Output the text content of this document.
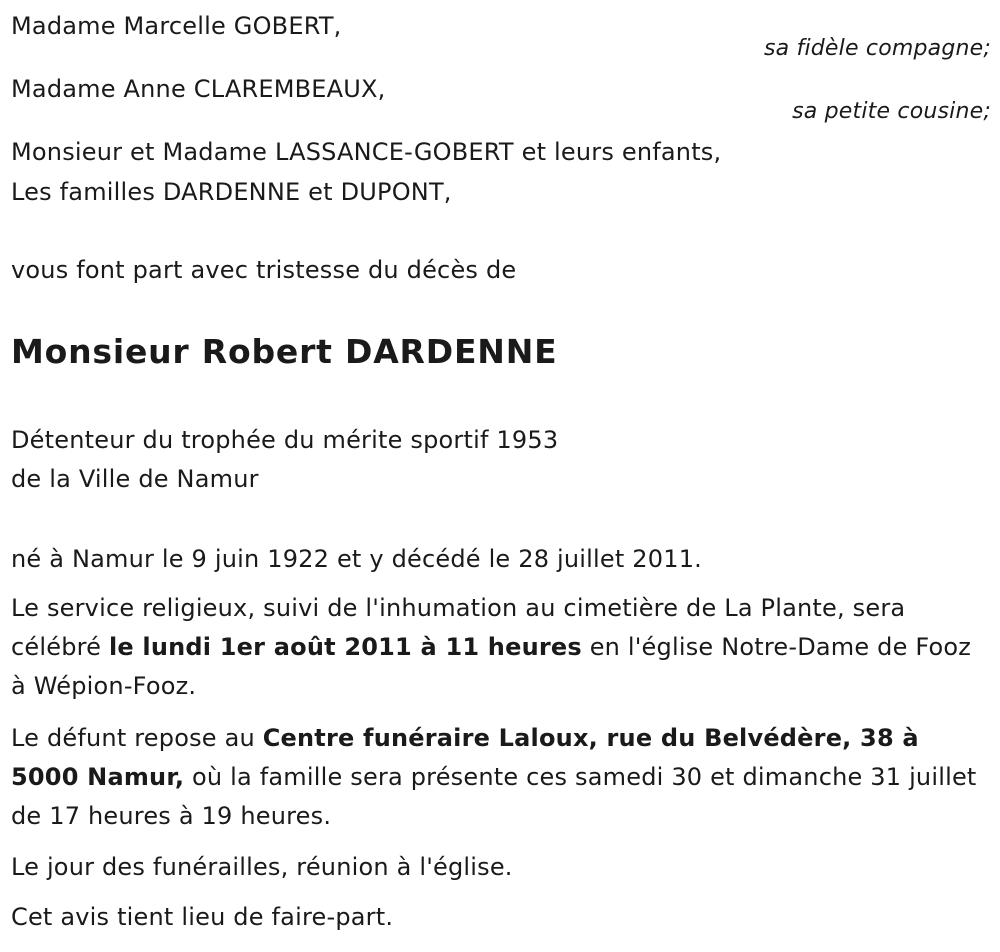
Madame Marcelle GOBERT,
sa fidèle compagne;
Madame Anne CLAREMBEAUX,
sa petite cousine;
Monsieur et Madame LASSANCE-GOBERT et leurs enfants,
Les familles DARDENNE et DUPONT,
vous font part avec tristesse du décès de
Monsieur Robert DARDENNE
Détenteur du trophée du mérite sportif 1953
de la Ville de Namur
né à Namur le 9 juin 1922 et y décédé le 28 juillet 2011.
Le service religieux, suivi de l'inhumation au cimetière de La Plante, sera célébré le lundi 1er août 2011 à 11 heures en l'église Notre-Dame de Fooz à Wépion-Fooz.
Le défunt repose au Centre funéraire Laloux, rue du Belvédère, 38 à 5000 Namur, où la famille sera présente ces samedi 30 et dimanche 31 juillet de 17 heures à 19 heures.
Le jour des funérailles, réunion à l'église.
Cet avis tient lieu de faire-part.
